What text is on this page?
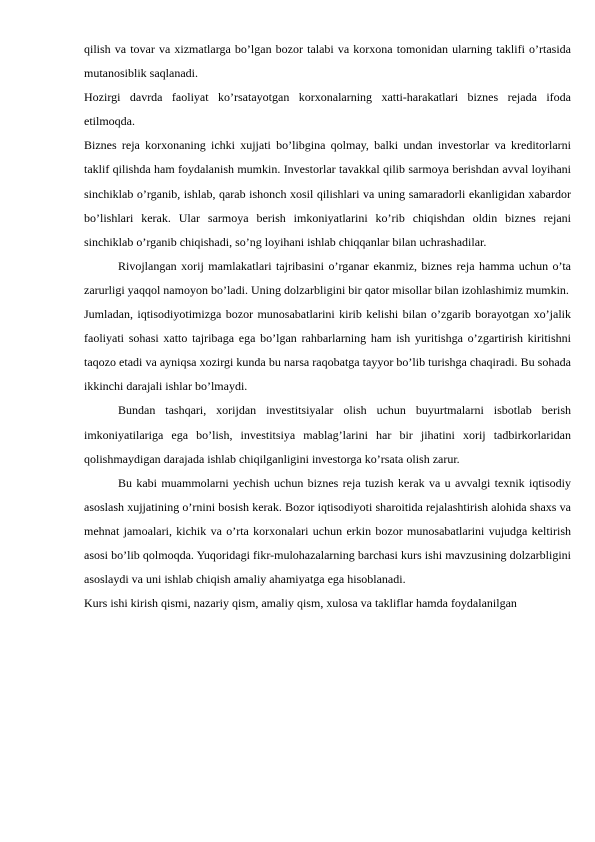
qilish va tovar va xizmatlarga bo’lgan bozor talabi va korxona tomonidan ularning taklifi o’rtasida mutanosiblik saqlanadi.

Hozirgi davrda faoliyat ko’rsatayotgan korxonalarning xatti-harakatlari biznes rejada ifoda etilmoqda.

Biznes reja korxonaning ichki xujjati bo’libgina qolmay, balki undan investorlar va kreditorlarni taklif qilishda ham foydalanish mumkin. Investorlar tavakkal qilib sarmoya berishdan avval loyihani sinchiklab o’rganib, ishlab, qarab ishonch xosil qilishlari va uning samaradorli ekanligidan xabardor bo’lishlari kerak. Ular sarmoya berish imkoniyatlarini ko’rib chiqishdan oldin biznes rejani sinchiklab o’rganib chiqishadi, so’ng loyihani ishlab chiqqanlar bilan uchrashadilar.

Rivojlangan xorij mamlakatlari tajribasini o’rganar ekanmiz, biznes reja hamma uchun o’ta zarurligi yaqqol namoyon bo’ladi. Uning dolzarbligini bir qator misollar bilan izohlashimiz mumkin.

Jumladan, iqtisodiyotimizga bozor munosabatlarini kirib kelishi bilan o’zgarib borayotgan xo’jalik faoliyati sohasi xatto tajribaga ega bo’lgan rahbarlarning ham ish yuritishga o’zgartirish kiritishni taqozo etadi va ayniqsa xozirgi kunda bu narsa raqobatga tayyor bo’lib turishga chaqiradi. Bu sohada ikkinchi darajali ishlar bo’lmaydi.

Bundan tashqari, xorijdan investitsiyalar olish uchun buyurtmalarni isbotlab berish imkoniyatilariga ega bo’lish, investitsiya mablag’larini har bir jihatini xorij tadbirkorlaridan qolishmaydigan darajada ishlab chiqilganligini investorga ko’rsata olish zarur.

Bu kabi muammolarni yechish uchun biznes reja tuzish kerak va u avvalgi texnik iqtisodiy asoslash xujjatining o’rnini bosish kerak. Bozor iqtisodiyoti sharoitida rejalashtirish alohida shaxs va mehnat jamoalari, kichik va o’rta korxonalari uchun erkin bozor munosabatlarini vujudga keltirish asosi bo’lib qolmoqda. Yuqoridagi fikr-mulohazalarning barchasi kurs ishi mavzusining dolzarbligini asoslaydi va uni ishlab chiqish amaliy ahamiyatga ega hisoblanadi.

Kurs ishi kirish qismi, nazariy qism, amaliy qism, xulosa va takliflar hamda foydalanilgan
